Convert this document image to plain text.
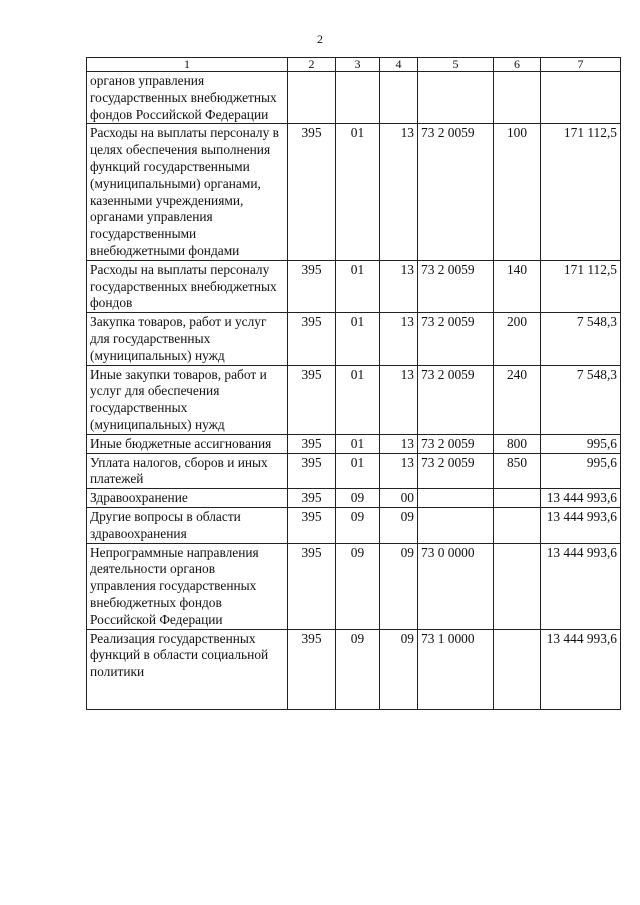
2
1	2	3	4	5	6	7
органов управления государственных внебюджетных фондов Российской Федерации						
Расходы на выплаты персоналу в целях обеспечения выполнения функций государственными (муниципальными) органами, казенными учреждениями, органами управления государственными внебюджетными фондами	395	01	13	73 2 0059	100	171 112,5
Расходы на выплаты персоналу государственных внебюджетных фондов	395	01	13	73 2 0059	140	171 112,5
Закупка товаров, работ и услуг для государственных (муниципальных) нужд	395	01	13	73 2 0059	200	7 548,3
Иные закупки товаров, работ и услуг для обеспечения государственных (муниципальных) нужд	395	01	13	73 2 0059	240	7 548,3
Иные бюджетные ассигнования	395	01	13	73 2 0059	800	995,6
Уплата налогов, сборов и иных платежей	395	01	13	73 2 0059	850	995,6
Здравоохранение	395	09	00			13 444 993,6
Другие вопросы в области здравоохранения	395	09	09			13 444 993,6
Непрограммные направления деятельности органов управления государственных внебюджетных фондов Российской Федерации	395	09	09	73 0 0000		13 444 993,6
Реализация государственных функций в области социальной политики	395	09	09	73 1 0000		13 444 993,6
